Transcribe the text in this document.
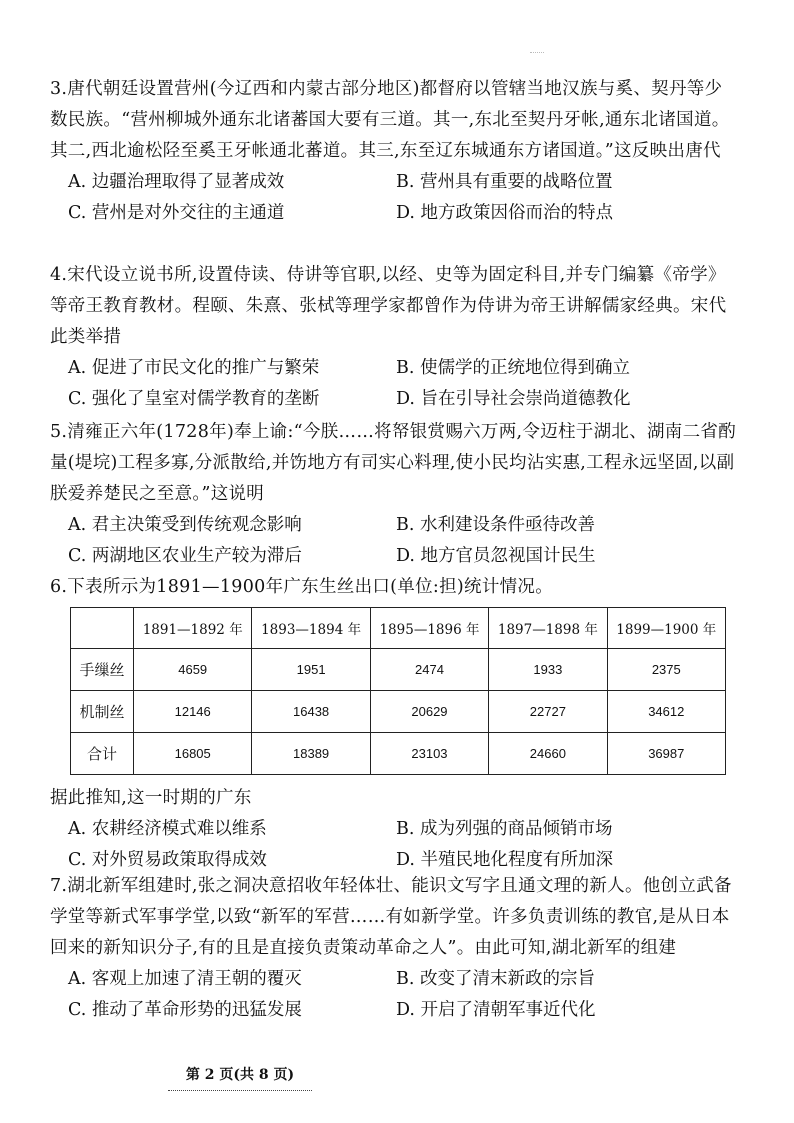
3.唐代朝廷设置营州(今辽西和内蒙古部分地区)都督府以管辖当地汉族与奚、契丹等少数民族。“营州柳城外通东北诸蕃国大要有三道。其一,东北至契丹牙帐,通东北诸国道。其二,西北逾松陉至奚王牙帐通北蕃道。其三,东至辽东城通东方诸国道。”这反映出唐代

A. 边疆治理取得了显著成效	B. 营州具有重要的战略位置
C. 营州是对外交往的主通道	D. 地方政策因俗而治的特点

4.宋代设立说书所,设置侍读、侍讲等官职,以经、史等为固定科目,并专门编纂《帝学》等帝王教育教材。程颐、朱熹、张栻等理学家都曾作为侍讲为帝王讲解儒家经典。宋代此类举措

A. 促进了市民文化的推广与繁荣	B. 使儒学的正统地位得到确立
C. 强化了皇室对儒学教育的垄断	D. 旨在引导社会崇尚道德教化

5.清雍正六年(1728年)奉上谕:“今朕……将帑银赏赐六万两,令迈柱于湖北、湖南二省酌量(堤垸)工程多寡,分派散给,并饬地方有司实心料理,使小民均沾实惠,工程永远坚固,以副朕爱养楚民之至意。”这说明

A. 君主决策受到传统观念影响	B. 水利建设条件亟待改善
C. 两湖地区农业生产较为滞后	D. 地方官员忽视国计民生

6.下表所示为1891—1900年广东生丝出口(单位:担)统计情况。

	1891—1892 年	1893—1894 年	1895—1896 年	1897—1898 年	1899—1900 年
手缫丝	4659	1951	2474	1933	2375
机制丝	12146	16438	20629	22727	34612
合计	16805	18389	23103	24660	36987

据此推知,这一时期的广东

A. 农耕经济模式难以维系	B. 成为列强的商品倾销市场
C. 对外贸易政策取得成效	D. 半殖民地化程度有所加深

7.湖北新军组建时,张之洞决意招收年轻体壮、能识文写字且通文理的新人。他创立武备学堂等新式军事学堂,以致“新军的军营……有如新学堂。许多负责训练的教官,是从日本回来的新知识分子,有的且是直接负责策动革命之人”。由此可知,湖北新军的组建

A. 客观上加速了清王朝的覆灭	B. 改变了清末新政的宗旨
C. 推动了革命形势的迅猛发展	D. 开启了清朝军事近代化
第 2 页(共 8 页)
